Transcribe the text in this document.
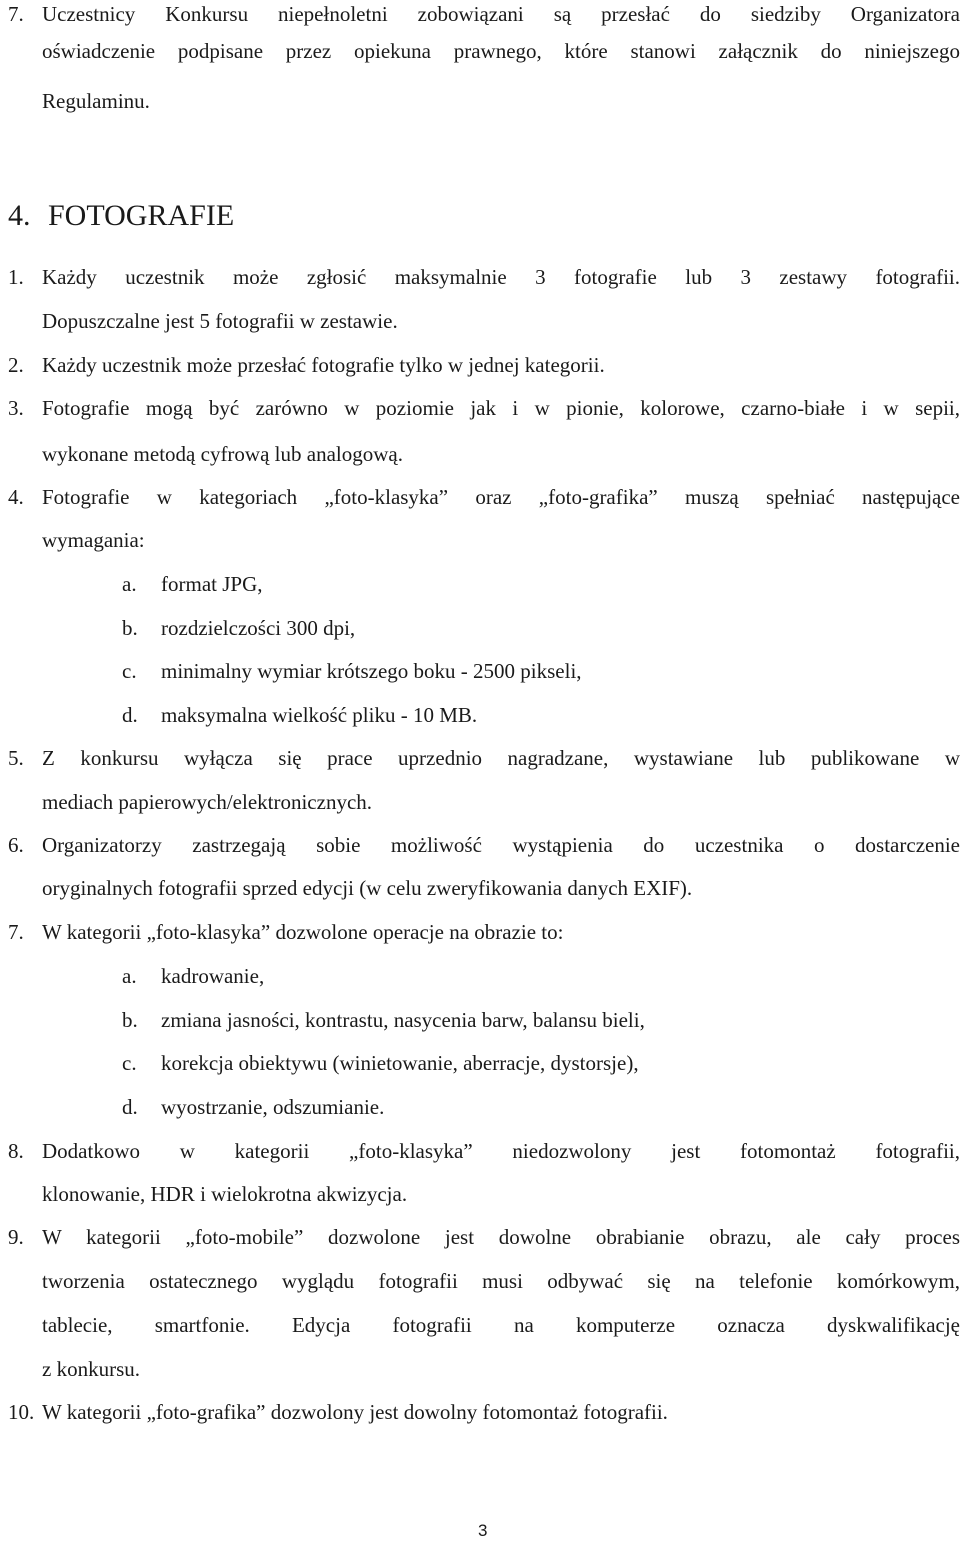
7. Uczestnicy Konkursu niepełnoletni zobowiązani są przesłać do siedziby Organizatora
oświadczenie podpisane przez opiekuna prawnego, które stanowi załącznik do niniejszego
Regulaminu.
4. FOTOGRAFIE
1. Każdy uczestnik może zgłosić maksymalnie 3 fotografie lub 3 zestawy fotografii.
Dopuszczalne jest 5 fotografii w zestawie.
2. Każdy uczestnik może przesłać fotografie tylko w jednej kategorii.
3. Fotografie mogą być zarówno w poziomie jak i w pionie, kolorowe, czarno-białe i w sepii,
wykonane metodą cyfrową lub analogową.
4. Fotografie w kategoriach „foto-klasyka” oraz „foto-grafika” muszą spełniać następujące
wymagania:
a. format JPG,
b. rozdzielczości 300 dpi,
c. minimalny wymiar krótszego boku - 2500 pikseli,
d. maksymalna wielkość pliku - 10 MB.
5. Z konkursu wyłącza się prace uprzednio nagradzane, wystawiane lub publikowane w
mediach papierowych/elektronicznych.
6. Organizatorzy zastrzegają sobie możliwość wystąpienia do uczestnika o dostarczenie
oryginalnych fotografii sprzed edycji (w celu zweryfikowania danych EXIF).
7. W kategorii „foto-klasyka” dozwolone operacje na obrazie to:
a. kadrowanie,
b. zmiana jasności, kontrastu, nasycenia barw, balansu bieli,
c. korekcja obiektywu (winietowanie, aberracje, dystorsje),
d. wyostrzanie, odszumianie.
8. Dodatkowo w kategorii „foto-klasyka” niedozwolony jest fotomontaż fotografii,
klonowanie, HDR i wielokrotna akwizycja.
9. W kategorii „foto-mobile” dozwolone jest dowolne obrabianie obrazu, ale cały proces
tworzenia ostatecznego wyglądu fotografii musi odbywać się na telefonie komórkowym,
tablecie, smartfonie. Edycja fotografii na komputerze oznacza dyskwalifikację
z konkursu.
10. W kategorii „foto-grafika” dozwolony jest dowolny fotomontaż fotografii.
3
